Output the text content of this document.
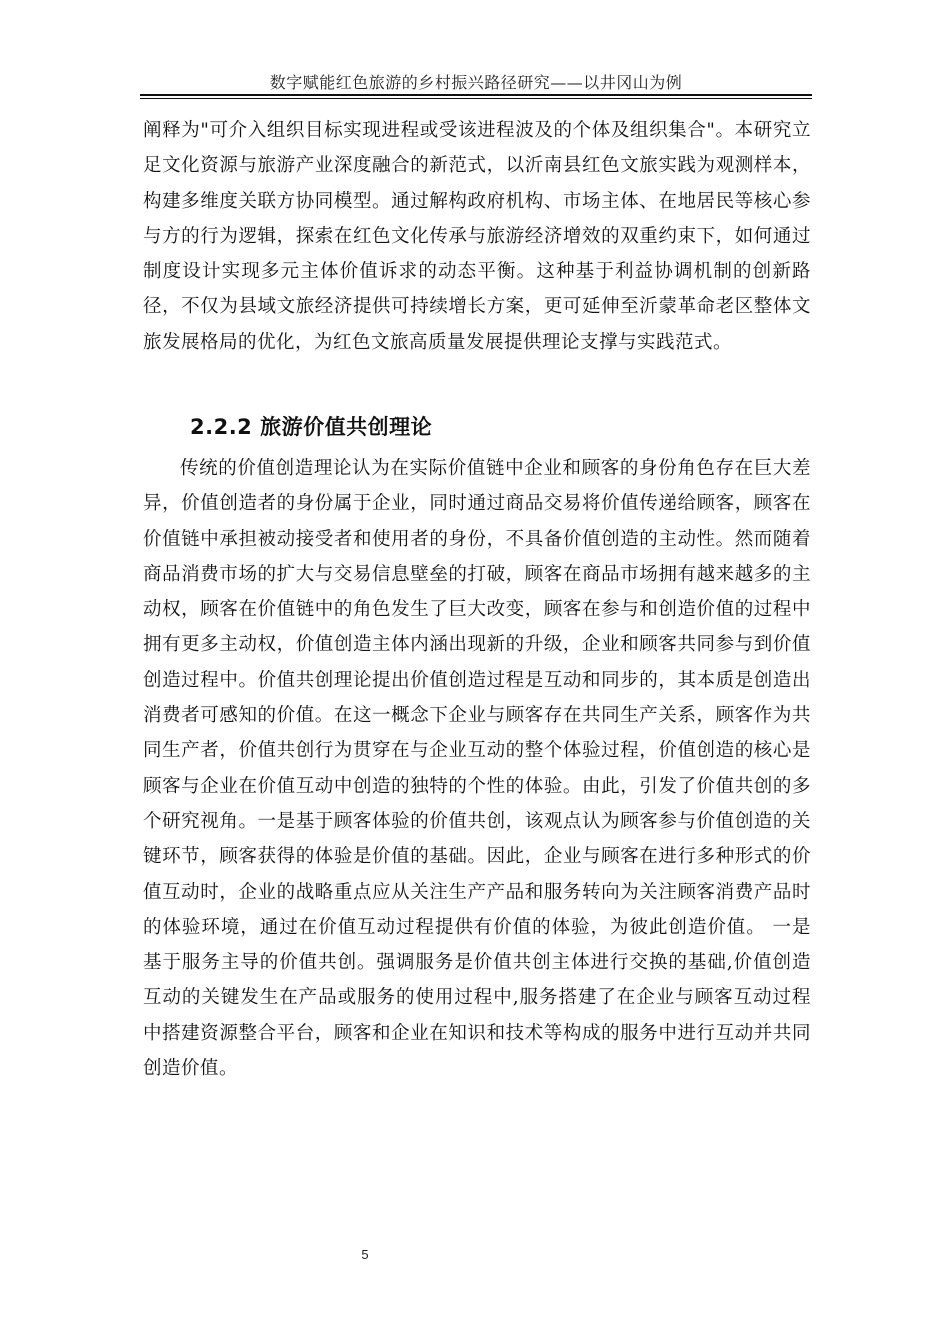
数字赋能红色旅游的乡村振兴路径研究——以井冈山为例

阐释为"可介入组织目标实现进程或受该进程波及的个体及组织集合"。本研究立足文化资源与旅游产业深度融合的新范式，以沂南县红色文旅实践为观测样本，构建多维度关联方协同模型。通过解构政府机构、市场主体、在地居民等核心参与方的行为逻辑，探索在红色文化传承与旅游经济增效的双重约束下，如何通过制度设计实现多元主体价值诉求的动态平衡。这种基于利益协调机制的创新路径，不仅为县域文旅经济提供可持续增长方案，更可延伸至沂蒙革命老区整体文旅发展格局的优化，为红色文旅高质量发展提供理论支撑与实践范式。

2.2.2 旅游价值共创理论

传统的价值创造理论认为在实际价值链中企业和顾客的身份角色存在巨大差异，价值创造者的身份属于企业，同时通过商品交易将价值传递给顾客，顾客在价值链中承担被动接受者和使用者的身份，不具备价值创造的主动性。然而随着商品消费市场的扩大与交易信息壁垒的打破，顾客在商品市场拥有越来越多的主动权，顾客在价值链中的角色发生了巨大改变，顾客在参与和创造价值的过程中拥有更多主动权，价值创造主体内涵出现新的升级，企业和顾客共同参与到价值创造过程中。价值共创理论提出价值创造过程是互动和同步的，其本质是创造出消费者可感知的价值。在这一概念下企业与顾客存在共同生产关系，顾客作为共同生产者，价值共创行为贯穿在与企业互动的整个体验过程，价值创造的核心是顾客与企业在价值互动中创造的独特的个性的体验。由此，引发了价值共创的多个研究视角。一是基于顾客体验的价值共创，该观点认为顾客参与价值创造的关键环节，顾客获得的体验是价值的基础。因此，企业与顾客在进行多种形式的价值互动时，企业的战略重点应从关注生产产品和服务转向为关注顾客消费产品时的体验环境，通过在价值互动过程提供有价值的体验，为彼此创造价值。 一是基于服务主导的价值共创。强调服务是价值共创主体进行交换的基础,价值创造互动的关键发生在产品或服务的使用过程中,服务搭建了在企业与顾客互动过程中搭建资源整合平台，顾客和企业在知识和技术等构成的服务中进行互动并共同创造价值。

5
